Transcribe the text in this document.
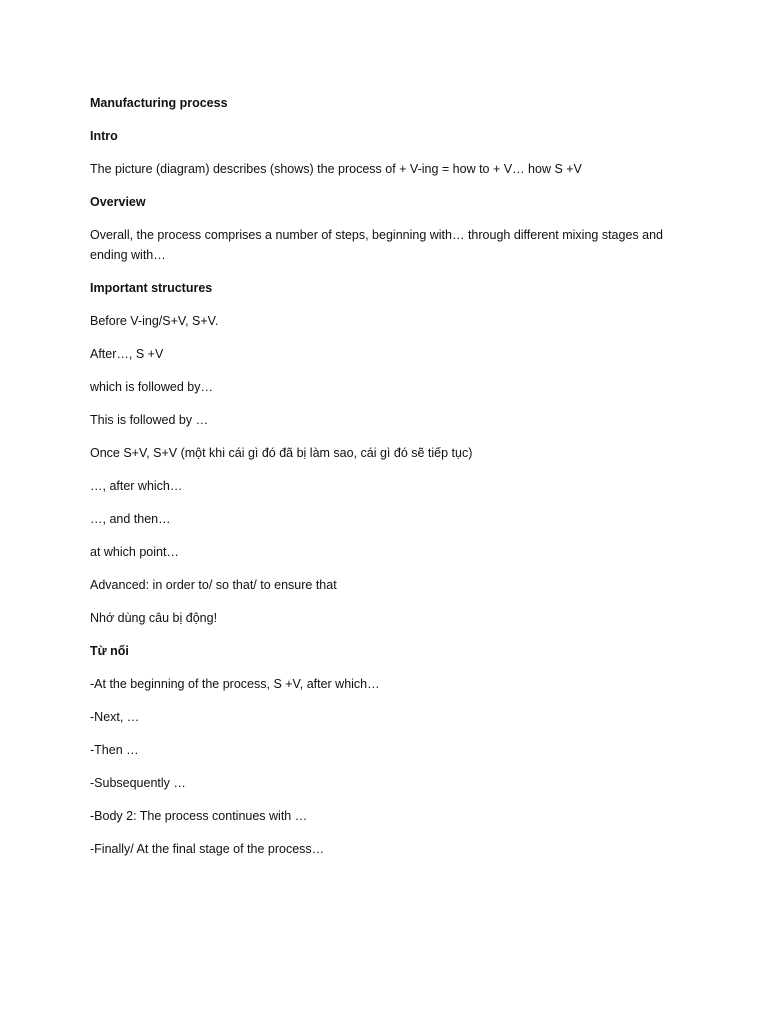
Manufacturing process

Intro

The picture (diagram) describes (shows) the process of + V-ing = how to + V… how S +V

Overview

Overall, the process comprises a number of steps, beginning with… through different mixing stages and ending with…

Important structures

Before V-ing/S+V, S+V.

After…, S +V

which is followed by…

This is followed by …

Once S+V, S+V (một khi cái gì đó đã bị làm sao, cái gì đó sẽ tiếp tục)

…, after which…

…, and then…

at which point…

Advanced: in order to/ so that/ to ensure that

Nhớ dùng câu bị động!

Từ nối

-At the beginning of the process, S +V, after which…

-Next, …

-Then …

-Subsequently …

-Body 2: The process continues with …

-Finally/ At the final stage of the process…
